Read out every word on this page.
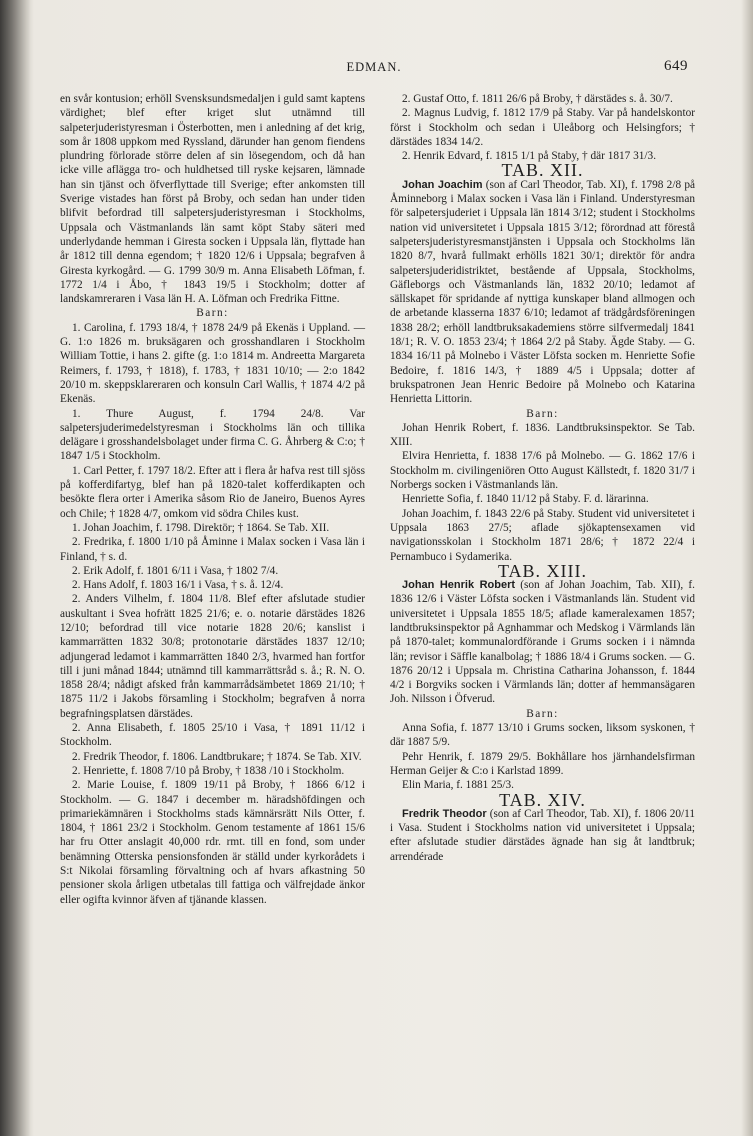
EDMAN.	649

en svår kontusion; erhöll Svensksundsmedaljen i guld samt kaptens värdighet; blef efter kriget slut utnämnd till salpeterjuderistyresman i Österbotten, men i anledning af det krig, som år 1808 uppkom med Ryssland, därunder han genom fiendens plundring förlorade större delen af sin lösegendom, och då han icke ville aflägga tro- och huldhetsed till ryske kejsaren, lämnade han sin tjänst och öfverflyttade till Sverige; efter ankomsten till Sverige vistades han först på Broby, och sedan han under tiden blifvit befordrad till salpetersjuderistyresman i Stockholms, Uppsala och Västmanlands län samt köpt Staby säteri med underlydande hemman i Giresta socken i Uppsala län, flyttade han år 1812 till denna egendom; † 1820 12/6 i Uppsala; begrafven å Giresta kyrkogård. — G. 1799 30/9 m. Anna Elisabeth Löfman, f. 1772 1/4 i Åbo, † 1843 19/5 i Stockholm; dotter af landskamreraren i Vasa län H. A. Löfman och Fredrika Fittne.

Barn:

1. Carolina, f. 1793 18/4, † 1878 24/9 på Ekenäs i Uppland. — G. 1:o 1826 m. bruksägaren och grosshandlaren i Stockholm William Tottie, i hans 2. gifte (g. 1:o 1814 m. Andreetta Margareta Reimers, f. 1793, † 1818), f. 1783, † 1831 10/10; — 2:o 1842 20/10 m. skeppsklareraren och konsuln Carl Wallis, † 1874 4/2 på Ekenäs.

1. Thure August, f. 1794 24/8. Var salpetersjuderimedelstyresman i Stockholms län och tillika delägare i grosshandelsbolaget under firma C. G. Åhrberg & C:o; † 1847 1/5 i Stockholm.

1. Carl Petter, f. 1797 18/2. Efter att i flera år hafva rest till sjöss på kofferdifartyg, blef han på 1820-talet kofferdikapten och besökte flera orter i Amerika såsom Rio de Janeiro, Buenos Ayres och Chile; † 1828 4/7, omkom vid södra Chiles kust.

1. Johan Joachim, f. 1798. Direktör; † 1864. Se Tab. XII.

2. Fredrika, f. 1800 1/10 på Åminne i Malax socken i Vasa län i Finland, † s. d.

2. Erik Adolf, f. 1801 6/11 i Vasa, † 1802 7/4.

2. Hans Adolf, f. 1803 16/1 i Vasa, † s. å. 12/4.

2. Anders Vilhelm, f. 1804 11/8. Blef efter afslutade studier auskultant i Svea hofrätt 1825 21/6; e. o. notarie därstädes 1826 12/10; befordrad till vice notarie 1828 20/6; kanslist i kammarrätten 1832 30/8; protonotarie därstädes 1837 12/10; adjungerad ledamot i kammarrätten 1840 2/3, hvarmed han fortfor till i juni månad 1844; utnämnd till kammarrättsråd s. å.; R. N. O. 1858 28/4; nådigt afsked från kammarrådsämbetet 1869 21/10; † 1875 11/2 i Jakobs församling i Stockholm; begrafven å norra begrafningsplatsen därstädes.

2. Anna Elisabeth, f. 1805 25/10 i Vasa, † 1891 11/12 i Stockholm.

2. Fredrik Theodor, f. 1806. Landtbrukare; † 1874. Se Tab. XIV.

2. Henriette, f. 1808 7/10 på Broby, † 1838 /10 i Stockholm.

2. Marie Louise, f. 1809 19/11 på Broby, † 1866 6/12 i Stockholm. — G. 1847 i december m. häradshöfdingen och primariekämnären i Stockholms stads kämnärsrätt Nils Otter, f. 1804, † 1861 23/2 i Stockholm. Genom testamente af 1861 15/6 har fru Otter anslagit 40,000 rdr. rmt. till en fond, som under benämning Otterska pensionsfonden är ställd under kyrkorådets i S:t Nikolai församling förvaltning och af hvars afkastning 50 pensioner skola årligen utbetalas till fattiga och välfrejdade änkor eller ogifta kvinnor äfven af tjänande klassen.

2. Gustaf Otto, f. 1811 26/6 på Broby, † därstädes s. å. 30/7.

2. Magnus Ludvig, f. 1812 17/9 på Staby. Var på handelskontor först i Stockholm och sedan i Uleåborg och Helsingfors; † därstädes 1834 14/2.

2. Henrik Edvard, f. 1815 1/1 på Staby, † där 1817 31/3.

TAB. XII.

Johan Joachim (son af Carl Theodor, Tab. XI), f. 1798 2/8 på Åminneborg i Malax socken i Vasa län i Finland. Understyresman för salpetersjuderiet i Uppsala län 1814 3/12; student i Stockholms nation vid universitetet i Uppsala 1815 3/12; förordnad att förestå salpetersjuderistyresmanstjänsten i Uppsala och Stockholms län 1820 8/7, hvarå fullmakt erhölls 1821 30/1; direktör för andra salpetersjuderidistriktet, bestående af Uppsala, Stockholms, Gäfleborgs och Västmanlands län, 1832 20/10; ledamot af sällskapet för spridande af nyttiga kunskaper bland allmogen och de arbetande klasserna 1837 6/10; ledamot af trädgårdsföreningen 1838 28/2; erhöll landtbruksakademiens större silfvermedalj 1841 18/1; R. V. O. 1853 23/4; † 1864 2/2 på Staby. Ägde Staby. — G. 1834 16/11 på Molnebo i Väster Löfsta socken m. Henriette Sofie Bedoire, f. 1816 14/3, † 1889 4/5 i Uppsala; dotter af brukspatronen Jean Henric Bedoire på Molnebo och Katarina Henrietta Littorin.

Barn:

Johan Henrik Robert, f. 1836. Landtbruksinspektor. Se Tab. XIII.

Elvira Henrietta, f. 1838 17/6 på Molnebo. — G. 1862 17/6 i Stockholm m. civilingeniören Otto August Källstedt, f. 1820 31/7 i Norbergs socken i Västmanlands län.

Henriette Sofia, f. 1840 11/12 på Staby. F. d. lärarinna.

Johan Joachim, f. 1843 22/6 på Staby. Student vid universitetet i Uppsala 1863 27/5; aflade sjökaptensexamen vid navigationsskolan i Stockholm 1871 28/6; † 1872 22/4 i Pernambuco i Sydamerika.

TAB. XIII.

Johan Henrik Robert (son af Johan Joachim, Tab. XII), f. 1836 12/6 i Väster Löfsta socken i Västmanlands län. Student vid universitetet i Uppsala 1855 18/5; aflade kameralexamen 1857; landtbruksinspektor på Agnhammar och Medskog i Värmlands län på 1870-talet; kommunalordförande i Grums socken i i nämnda län; revisor i Säffle kanalbolag; † 1886 18/4 i Grums socken. — G. 1876 20/12 i Uppsala m. Christina Catharina Johansson, f. 1844 4/2 i Borgviks socken i Värmlands län; dotter af hemmansägaren Joh. Nilsson i Öfverud.

Barn:

Anna Sofia, f. 1877 13/10 i Grums socken, liksom syskonen, † där 1887 5/9.

Pehr Henrik, f. 1879 29/5. Bokhållare hos järnhandelsfirman Herman Geijer & C:o i Karlstad 1899.

Elin Maria, f. 1881 25/3.

TAB. XIV.

Fredrik Theodor (son af Carl Theodor, Tab. XI), f. 1806 20/11 i Vasa. Student i Stockholms nation vid universitetet i Uppsala; efter afslutade studier därstädes ägnade han sig åt landtbruk; arrendérade
